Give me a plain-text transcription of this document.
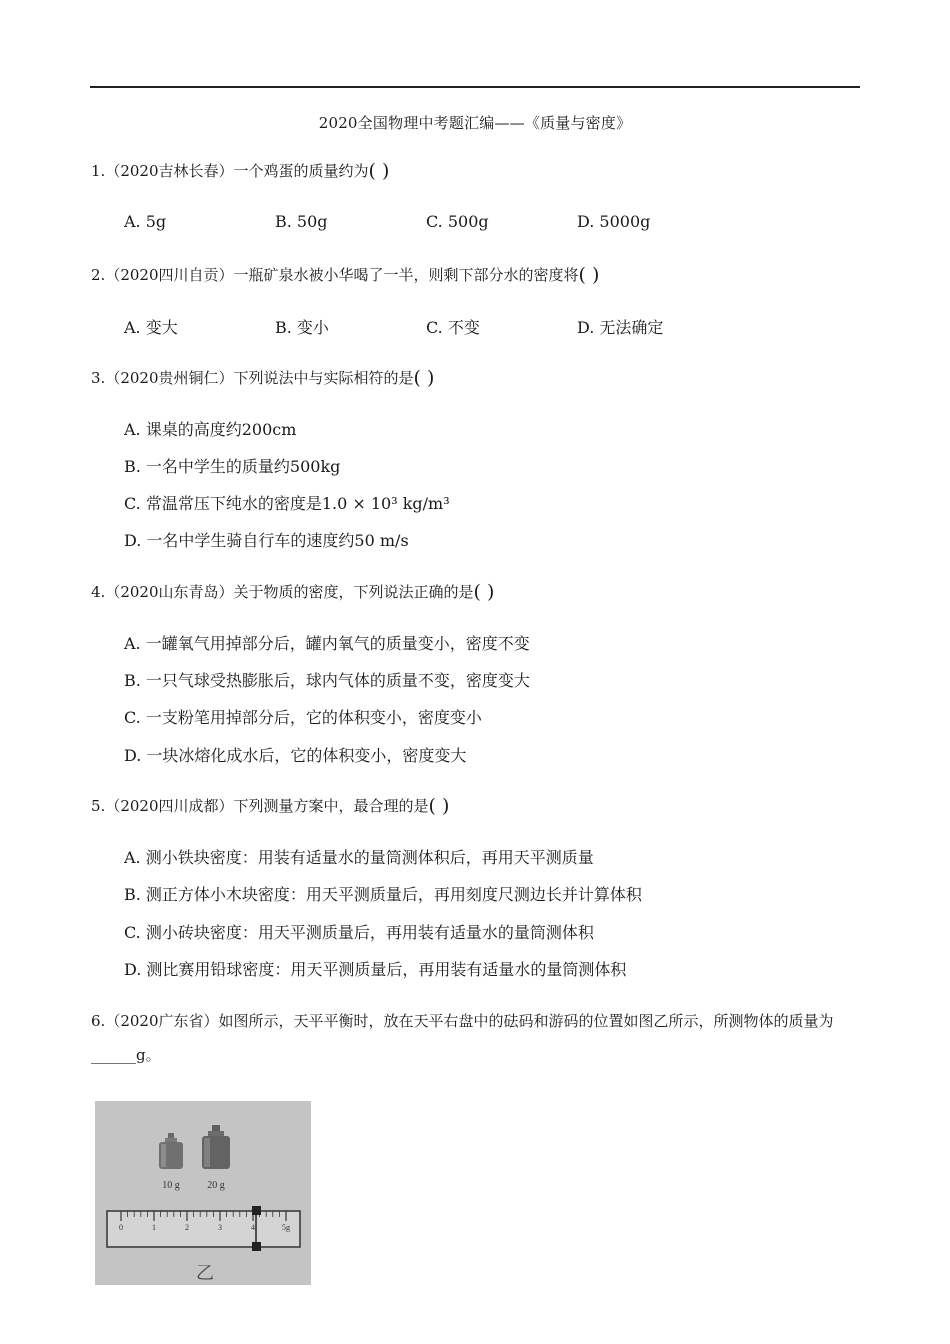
2020全国物理中考题汇编——《质量与密度》
1.（2020吉林长春）一个鸡蛋的质量约为( )
A. 5g	B. 50g	C. 500g	D. 5000g
2.（2020四川自贡）一瓶矿泉水被小华喝了一半，则剩下部分水的密度将( )
A. 变大	B. 变小	C. 不变	D. 无法确定
3.（2020贵州铜仁）下列说法中与实际相符的是( )
A. 课桌的高度约200cm
B. 一名中学生的质量约500kg
C. 常温常压下纯水的密度是1.0 × 10³ kg/m³
D. 一名中学生骑自行车的速度约50 m/s
4.（2020山东青岛）关于物质的密度，下列说法正确的是( )
A. 一罐氧气用掉部分后，罐内氧气的质量变小，密度不变
B. 一只气球受热膨胀后，球内气体的质量不变，密度变大
C. 一支粉笔用掉部分后，它的体积变小，密度变小
D. 一块冰熔化成水后，它的体积变小，密度变大
5.（2020四川成都）下列测量方案中，最合理的是( )
A. 测小铁块密度：用装有适量水的量筒测体积后，再用天平测质量
B. 测正方体小木块密度：用天平测质量后，再用刻度尺测边长并计算体积
C. 测小砖块密度：用天平测质量后，再用装有适量水的量筒测体积
D. 测比赛用铅球密度：用天平测质量后，再用装有适量水的量筒测体积
6.（2020广东省）如图所示，天平平衡时，放在天平右盘中的砝码和游码的位置如图乙所示，所测物体的质量为______g。
10 g	20 g
0	1	2	3	4	5g
乙
